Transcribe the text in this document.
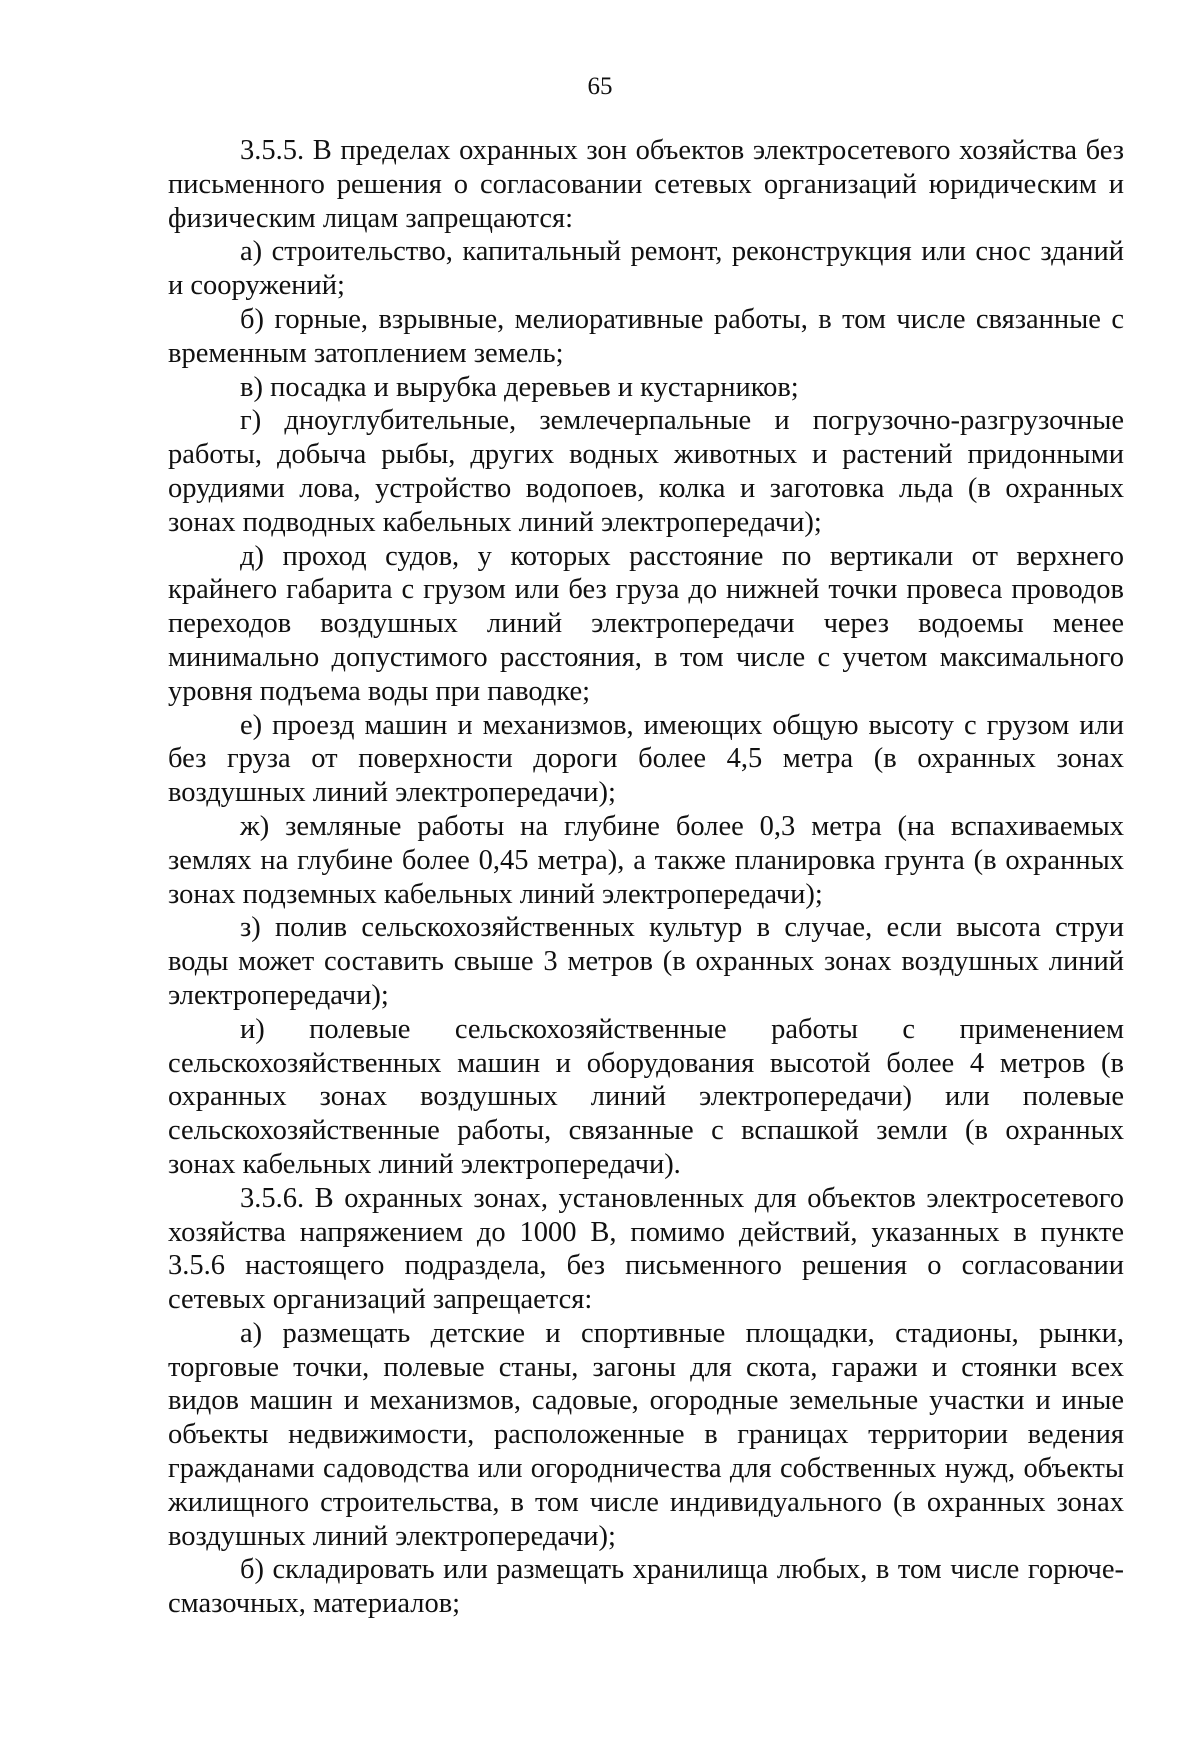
65

3.5.5. В пределах охранных зон объектов электросетевого хозяйства без письменного решения о согласовании сетевых организаций юридическим и физическим лицам запрещаются:

а) строительство, капитальный ремонт, реконструкция или снос зданий и сооружений;

б) горные, взрывные, мелиоративные работы, в том числе связанные с временным затоплением земель;

в) посадка и вырубка деревьев и кустарников;

г) дноуглубительные, землечерпальные и погрузочно-разгрузочные работы, добыча рыбы, других водных животных и растений придонными орудиями лова, устройство водопоев, колка и заготовка льда (в охранных зонах подводных кабельных линий электропередачи);

д) проход судов, у которых расстояние по вертикали от верхнего крайнего габарита с грузом или без груза до нижней точки провеса проводов переходов воздушных линий электропередачи через водоемы менее минимально допустимого расстояния, в том числе с учетом максимального уровня подъема воды при паводке;

е) проезд машин и механизмов, имеющих общую высоту с грузом или без груза от поверхности дороги более 4,5 метра (в охранных зонах воздушных линий электропередачи);

ж) земляные работы на глубине более 0,3 метра (на вспахиваемых землях на глубине более 0,45 метра), а также планировка грунта (в охранных зонах подземных кабельных линий электропередачи);

з) полив сельскохозяйственных культур в случае, если высота струи воды может составить свыше 3 метров (в охранных зонах воздушных линий электропередачи);

и) полевые сельскохозяйственные работы с применением сельскохозяйственных машин и оборудования высотой более 4 метров (в охранных зонах воздушных линий электропередачи) или полевые сельскохозяйственные работы, связанные с вспашкой земли (в охранных зонах кабельных линий электропередачи).

3.5.6. В охранных зонах, установленных для объектов электросетевого хозяйства напряжением до 1000 В, помимо действий, указанных в пункте 3.5.6 настоящего подраздела, без письменного решения о согласовании сетевых организаций запрещается:

а) размещать детские и спортивные площадки, стадионы, рынки, торговые точки, полевые станы, загоны для скота, гаражи и стоянки всех видов машин и механизмов, садовые, огородные земельные участки и иные объекты недвижимости, расположенные в границах территории ведения гражданами садоводства или огородничества для собственных нужд, объекты жилищного строительства, в том числе индивидуального (в охранных зонах воздушных линий электропередачи);

б) складировать или размещать хранилища любых, в том числе горюче-смазочных, материалов;
